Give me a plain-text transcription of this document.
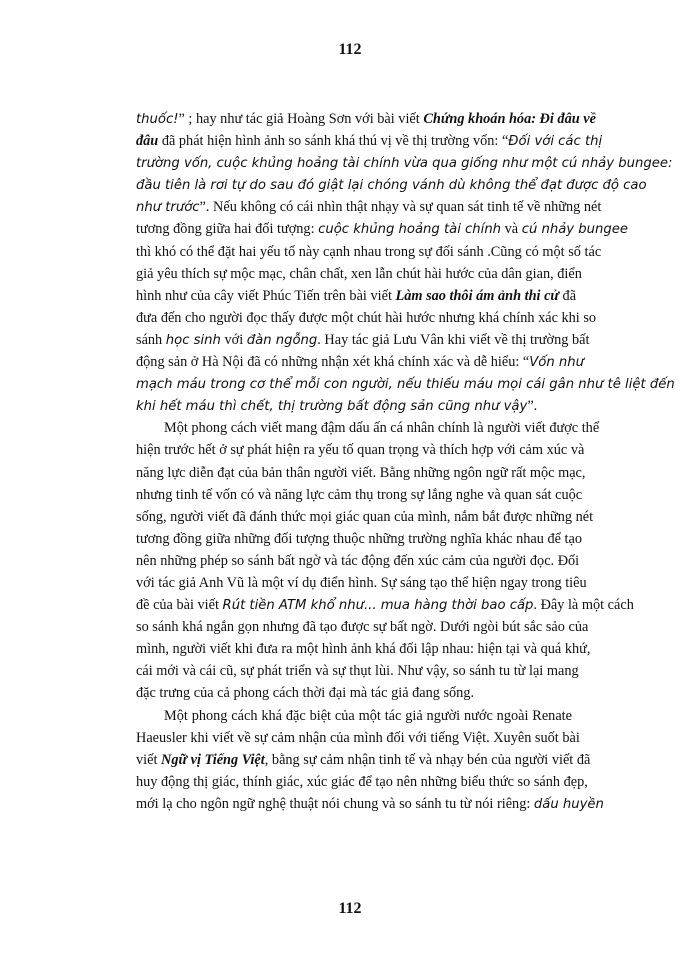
112
thuốc!” ; hay như tác giả Hoàng Sơn với bài viết Chứng khoán hóa: Đi đâu về
đâu đã phát hiện hình ảnh so sánh khá thú vị về thị trường vốn: “Đối với các thị
trường vốn, cuộc khủng hoảng tài chính vừa qua giống như một cú nhảy bungee:
đầu tiên là rơi tự do sau đó giật lại chóng vánh dù không thể đạt được độ cao
như trước”. Nếu không có cái nhìn thật nhạy và sự quan sát tinh tế về những nét
tương đồng giữa hai đối tượng: cuộc khủng hoảng tài chính và cú nhảy bungee
thì khó có thể đặt hai yếu tố này cạnh nhau trong sự đối sánh .Cũng có một số tác
giả yêu thích sự mộc mạc, chân chất, xen lẫn chút hài hước của dân gian, điển
hình như của cây viết Phúc Tiến trên bài viết Làm sao thôi ám ảnh thi cử đã
đưa đến cho người đọc thấy được một chút hài hước nhưng khá chính xác khi so
sánh học sinh với đàn ngỗng. Hay tác giả Lưu Vân khi viết về thị trường bất
động sản ở Hà Nội đã có những nhận xét khá chính xác và dễ hiểu: “Vốn như
mạch máu trong cơ thể mỗi con người, nếu thiếu máu mọi cái gân như tê liệt đến
khi hết máu thì chết, thị trường bất động sản cũng như vậy”.
Một phong cách viết mang đậm dấu ấn cá nhân chính là người viết được thể
hiện trước hết ở sự phát hiện ra yếu tố quan trọng và thích hợp với cảm xúc và
năng lực diễn đạt của bản thân người viết. Bằng những ngôn ngữ rất mộc mạc,
nhưng tinh tế vốn có và năng lực cảm thụ trong sự lắng nghe và quan sát cuộc
sống, người viết đã đánh thức mọi giác quan của mình, nắm bắt được những nét
tương đồng giữa những đối tượng thuộc những trường nghĩa khác nhau để tạo
nên những phép so sánh bất ngờ và tác động đến xúc cảm của người đọc. Đối
với tác giả Anh Vũ là một ví dụ điển hình. Sự sáng tạo thể hiện ngay trong tiêu
đề của bài viết Rút tiền ATM khổ như... mua hàng thời bao cấp. Đây là một cách
so sánh khá ngắn gọn nhưng đã tạo được sự bất ngờ. Dưới ngòi bút sắc sảo của
mình, người viết khi đưa ra một hình ảnh khá đối lập nhau: hiện tại và quá khứ,
cái mới và cái cũ, sự phát triển và sự thụt lùi. Như vậy, so sánh tu từ lại mang
đặc trưng của cả phong cách thời đại mà tác giả đang sống.
Một phong cách khá đặc biệt của một tác giả người nước ngoài Renate
Haeusler khi viết về sự cảm nhận của mình đối với tiếng Việt. Xuyên suốt bài
viết Ngữ vị Tiếng Việt, bằng sự cảm nhận tinh tế và nhạy bén của người viết đã
huy động thị giác, thính giác, xúc giác để tạo nên những biểu thức so sánh đẹp,
mới lạ cho ngôn ngữ nghệ thuật nói chung và so sánh tu từ nói riêng: dấu huyền
112
